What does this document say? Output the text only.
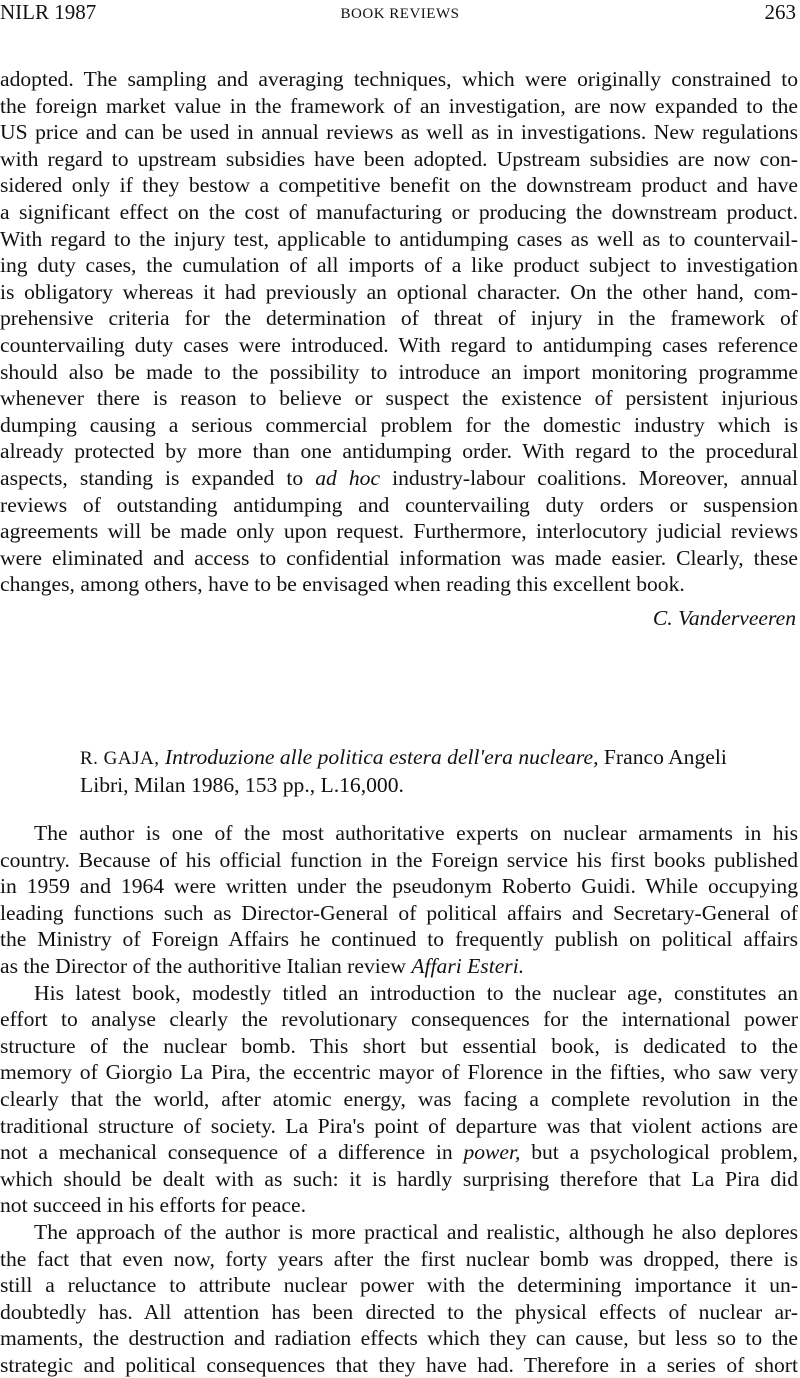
NILR 1987	BOOK REVIEWS	263
adopted. The sampling and averaging techniques, which were originally constrained to
the foreign market value in the framework of an investigation, are now expanded to the
US price and can be used in annual reviews as well as in investigations. New regulations
with regard to upstream subsidies have been adopted. Upstream subsidies are now con-
sidered only if they bestow a competitive benefit on the downstream product and have
a significant effect on the cost of manufacturing or producing the downstream product.
With regard to the injury test, applicable to antidumping cases as well as to countervail-
ing duty cases, the cumulation of all imports of a like product subject to investigation
is obligatory whereas it had previously an optional character. On the other hand, com-
prehensive criteria for the determination of threat of injury in the framework of
countervailing duty cases were introduced. With regard to antidumping cases reference
should also be made to the possibility to introduce an import monitoring programme
whenever there is reason to believe or suspect the existence of persistent injurious
dumping causing a serious commercial problem for the domestic industry which is
already protected by more than one antidumping order. With regard to the procedural
aspects, standing is expanded to ad hoc industry-labour coalitions. Moreover, annual
reviews of outstanding antidumping and countervailing duty orders or suspension
agreements will be made only upon request. Furthermore, interlocutory judicial reviews
were eliminated and access to confidential information was made easier. Clearly, these
changes, among others, have to be envisaged when reading this excellent book.
C. Vanderveeren
R. GAJA, Introduzione alle politica estera dell'era nucleare, Franco Angeli
Libri, Milan 1986, 153 pp., L.16,000.
The author is one of the most authoritative experts on nuclear armaments in his
country. Because of his official function in the Foreign service his first books published
in 1959 and 1964 were written under the pseudonym Roberto Guidi. While occupying
leading functions such as Director-General of political affairs and Secretary-General of
the Ministry of Foreign Affairs he continued to frequently publish on political affairs
as the Director of the authoritive Italian review Affari Esteri.
His latest book, modestly titled an introduction to the nuclear age, constitutes an
effort to analyse clearly the revolutionary consequences for the international power
structure of the nuclear bomb. This short but essential book, is dedicated to the
memory of Giorgio La Pira, the eccentric mayor of Florence in the fifties, who saw very
clearly that the world, after atomic energy, was facing a complete revolution in the
traditional structure of society. La Pira's point of departure was that violent actions are
not a mechanical consequence of a difference in power, but a psychological problem,
which should be dealt with as such: it is hardly surprising therefore that La Pira did
not succeed in his efforts for peace.
The approach of the author is more practical and realistic, although he also deplores
the fact that even now, forty years after the first nuclear bomb was dropped, there is
still a reluctance to attribute nuclear power with the determining importance it un-
doubtedly has. All attention has been directed to the physical effects of nuclear ar-
maments, the destruction and radiation effects which they can cause, but less so to the
strategic and political consequences that they have had. Therefore in a series of short
